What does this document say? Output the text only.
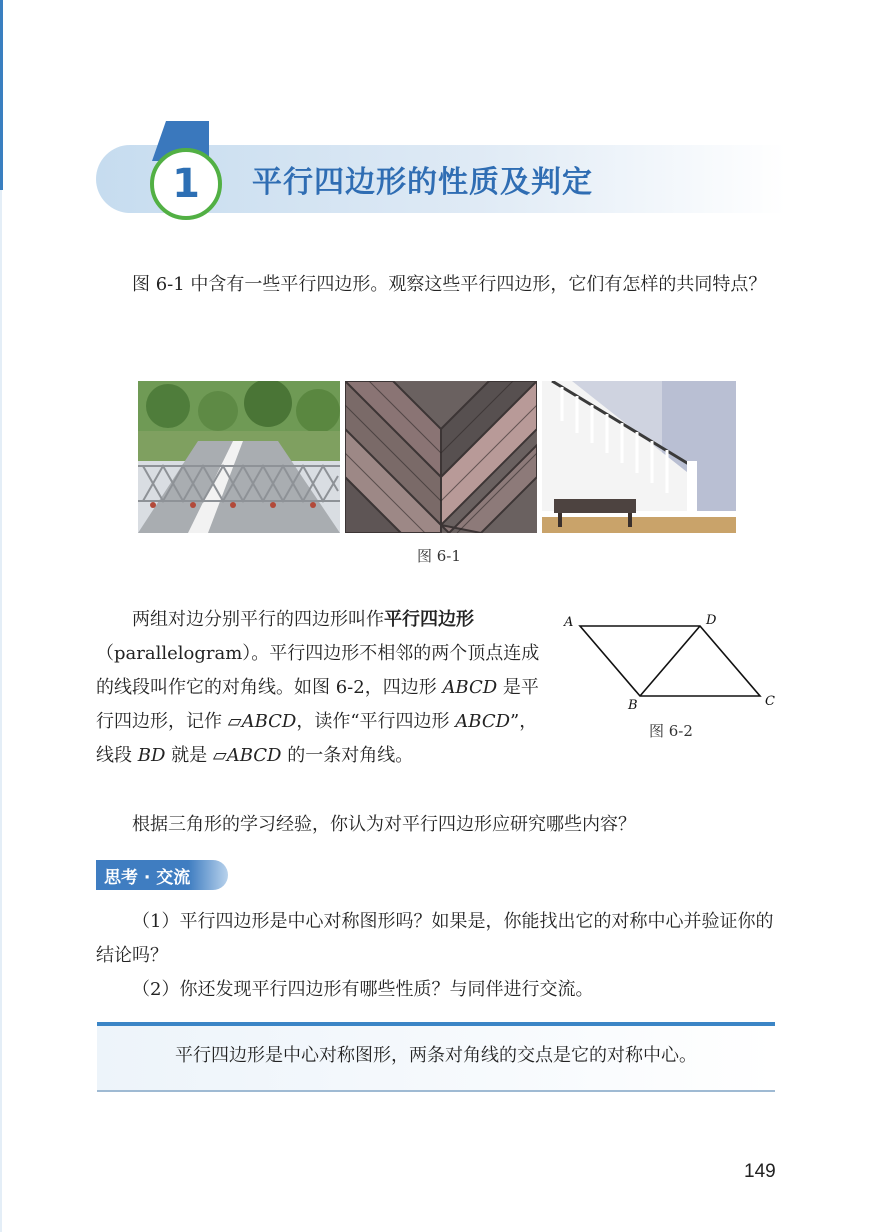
1	平行四边形的性质及判定
图 6-1 中含有一些平行四边形。观察这些平行四边形，它们有怎样的共同特点？
图 6-1
两组对边分别平行的四边形叫作平行四边形（parallelogram）。平行四边形不相邻的两个顶点连成的线段叫作它的对角线。如图 6-2，四边形 ABCD 是平行四边形，记作 ▱ABCD，读作“平行四边形 ABCD”，线段 BD 就是 ▱ABCD 的一条对角线。
A	D
B	C
图 6-2
根据三角形的学习经验，你认为对平行四边形应研究哪些内容？
思考 · 交流
（1）平行四边形是中心对称图形吗？如果是，你能找出它的对称中心并验证你的结论吗？
（2）你还发现平行四边形有哪些性质？与同伴进行交流。
平行四边形是中心对称图形，两条对角线的交点是它的对称中心。
149
